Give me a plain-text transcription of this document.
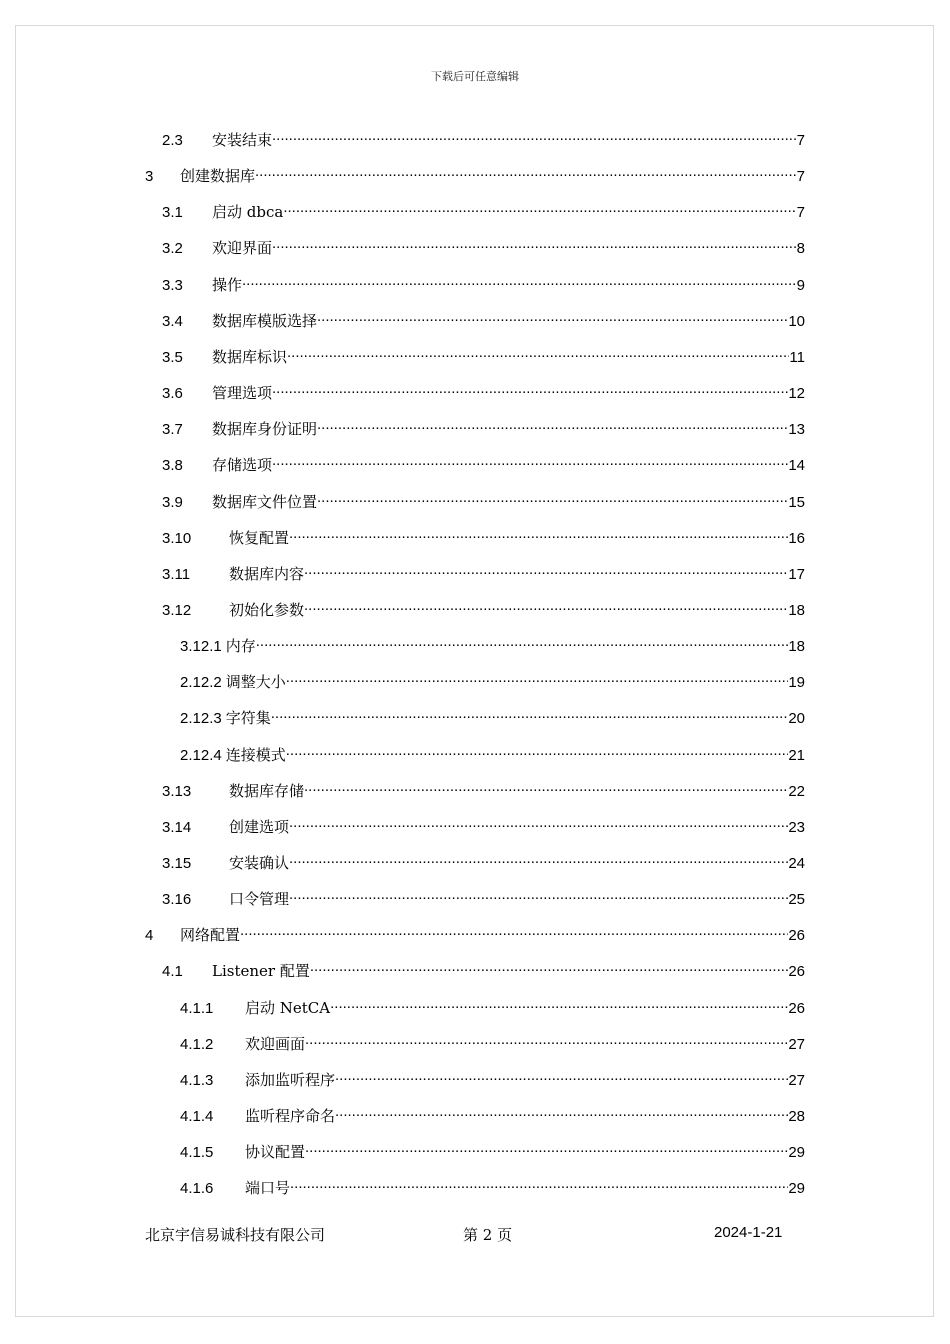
下载后可任意编辑
2.3	安装结束 .....	7
3	创建数据库 .....	7
3.1	启动 dbca .....	7
3.2	欢迎界面 .....	8
3.3	操作 .....	9
3.4	数据库模版选择 .....	10
3.5	数据库标识 .....	11
3.6	管理选项 .....	12
3.7	数据库身份证明 .....	13
3.8	存储选项 .....	14
3.9	数据库文件位置 .....	15
3.10	恢复配置 .....	16
3.11	数据库内容 .....	17
3.12	初始化参数 .....	18
3.12.1 内存 .....	18
2.12.2 调整大小 .....	19
2.12.3 字符集 .....	20
2.12.4 连接模式 .....	21
3.13	数据库存储 .....	22
3.14	创建选项 .....	23
3.15	安装确认 .....	24
3.16	口令管理 .....	25
4	网络配置 .....	26
4.1	Listener 配置 .....	26
4.1.1	启动 NetCA .....	26
4.1.2	欢迎画面 .....	27
4.1.3	添加监听程序 .....	27
4.1.4	监听程序命名 .....	28
4.1.5	协议配置 .....	29
4.1.6	端口号 .....	29
北京宇信易诚科技有限公司	第 2 页	2024-1-21
